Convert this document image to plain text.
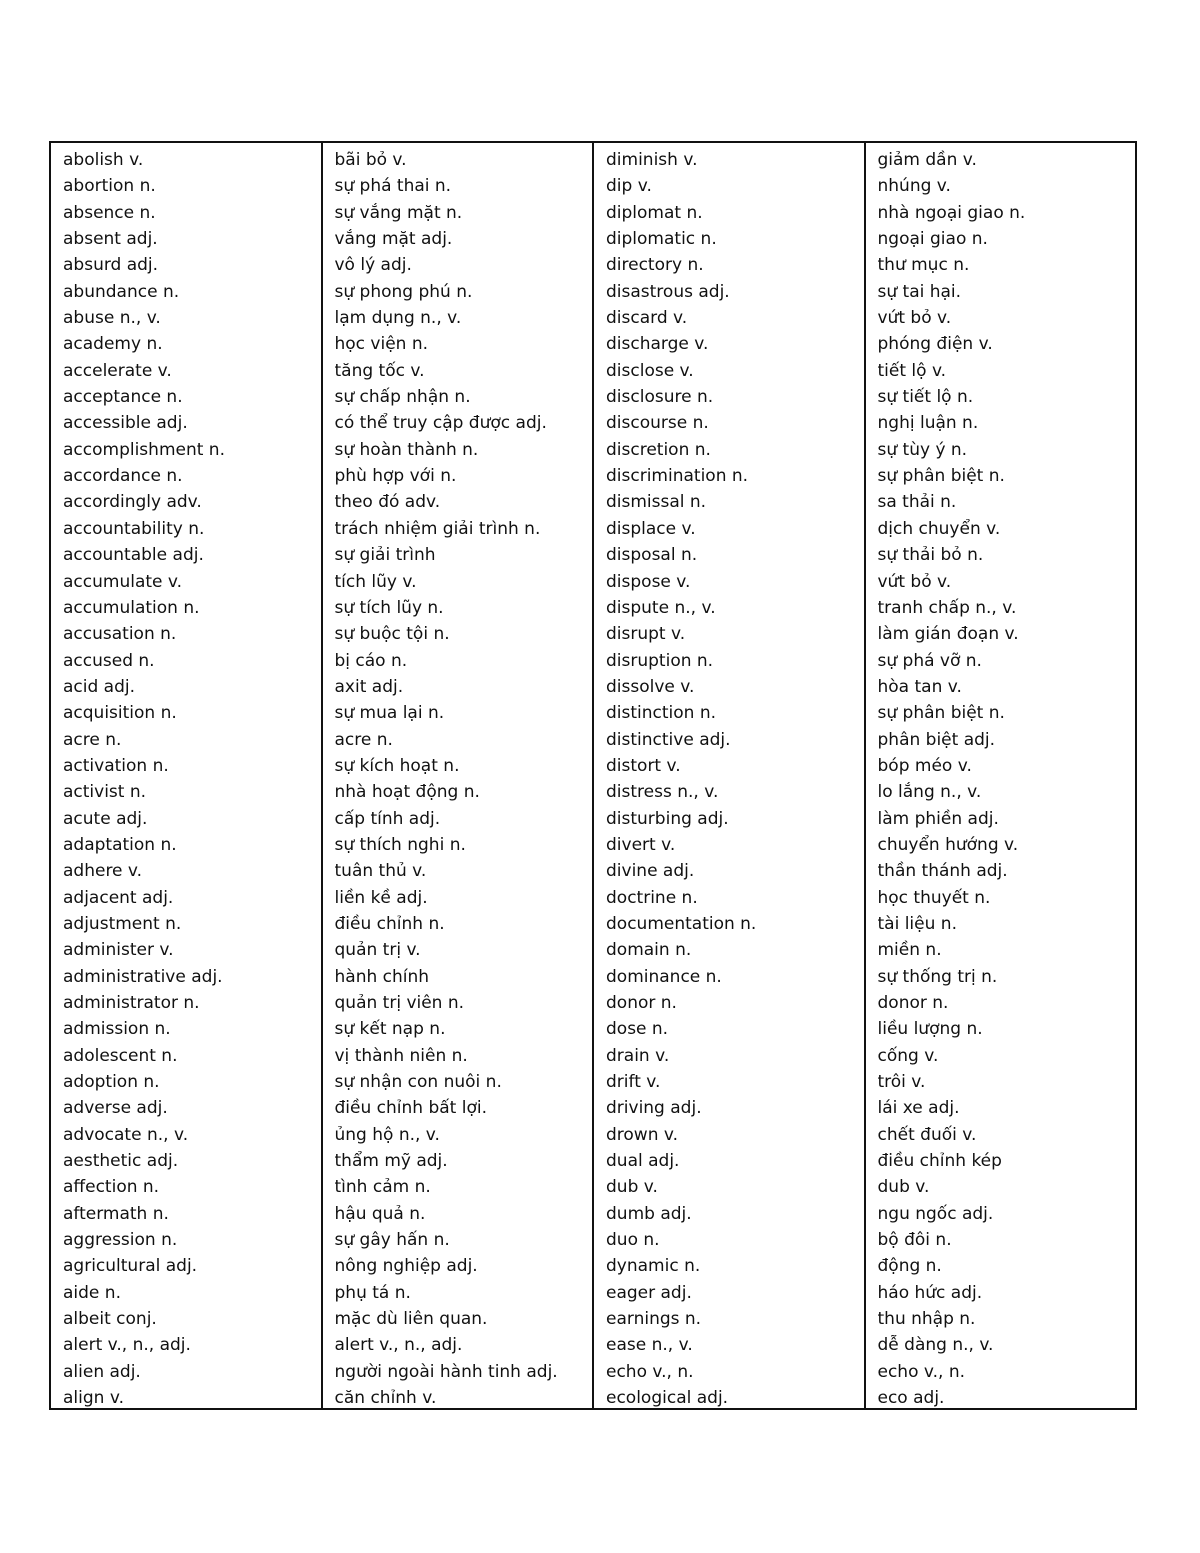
abolish v.
abortion n.
absence n.
absent adj.
absurd adj.
abundance n.
abuse n., v.
academy n.
accelerate v.
acceptance n.
accessible adj.
accomplishment n.
accordance n.
accordingly adv.
accountability n.
accountable adj.
accumulate v.
accumulation n.
accusation n.
accused n.
acid adj.
acquisition n.
acre n.
activation n.
activist n.
acute adj.
adaptation n.
adhere v.
adjacent adj.
adjustment n.
administer v.
administrative adj.
administrator n.
admission n.
adolescent n.
adoption n.
adverse adj.
advocate n., v.
aesthetic adj.
affection n.
aftermath n.
aggression n.
agricultural adj.
aide n.
albeit conj.
alert v., n., adj.
alien adj.
align v.
bãi bỏ v.
sự phá thai n.
sự vắng mặt n.
vắng mặt adj.
vô lý adj.
sự phong phú n.
lạm dụng n., v.
học viện n.
tăng tốc v.
sự chấp nhận n.
có thể truy cập được adj.
sự hoàn thành n.
phù hợp với n.
theo đó adv.
trách nhiệm giải trình n.
sự giải trình
tích lũy v.
sự tích lũy n.
sự buộc tội n.
bị cáo n.
axit adj.
sự mua lại n.
acre n.
sự kích hoạt n.
nhà hoạt động n.
cấp tính adj.
sự thích nghi n.
tuân thủ v.
liền kề adj.
điều chỉnh n.
quản trị v.
hành chính
quản trị viên n.
sự kết nạp n.
vị thành niên n.
sự nhận con nuôi n.
điều chỉnh bất lợi.
ủng hộ n., v.
thẩm mỹ adj.
tình cảm n.
hậu quả n.
sự gây hấn n.
nông nghiệp adj.
phụ tá n.
mặc dù liên quan.
alert v., n., adj.
người ngoài hành tinh adj.
căn chỉnh v.
diminish v.
dip v.
diplomat n.
diplomatic n.
directory n.
disastrous adj.
discard v.
discharge v.
disclose v.
disclosure n.
discourse n.
discretion n.
discrimination n.
dismissal n.
displace v.
disposal n.
dispose v.
dispute n., v.
disrupt v.
disruption n.
dissolve v.
distinction n.
distinctive adj.
distort v.
distress n., v.
disturbing adj.
divert v.
divine adj.
doctrine n.
documentation n.
domain n.
dominance n.
donor n.
dose n.
drain v.
drift v.
driving adj.
drown v.
dual adj.
dub v.
dumb adj.
duo n.
dynamic n.
eager adj.
earnings n.
ease n., v.
echo v., n.
ecological adj.
giảm dần v.
nhúng v.
nhà ngoại giao n.
ngoại giao n.
thư mục n.
sự tai hại.
vứt bỏ v.
phóng điện v.
tiết lộ v.
sự tiết lộ n.
nghị luận n.
sự tùy ý n.
sự phân biệt n.
sa thải n.
dịch chuyển v.
sự thải bỏ n.
vứt bỏ v.
tranh chấp n., v.
làm gián đoạn v.
sự phá vỡ n.
hòa tan v.
sự phân biệt n.
phân biệt adj.
bóp méo v.
lo lắng n., v.
làm phiền adj.
chuyển hướng v.
thần thánh adj.
học thuyết n.
tài liệu n.
miền n.
sự thống trị n.
donor n.
liều lượng n.
cống v.
trôi v.
lái xe adj.
chết đuối v.
điều chỉnh kép
dub v.
ngu ngốc adj.
bộ đôi n.
động n.
háo hức adj.
thu nhập n.
dễ dàng n., v.
echo v., n.
eco adj.
